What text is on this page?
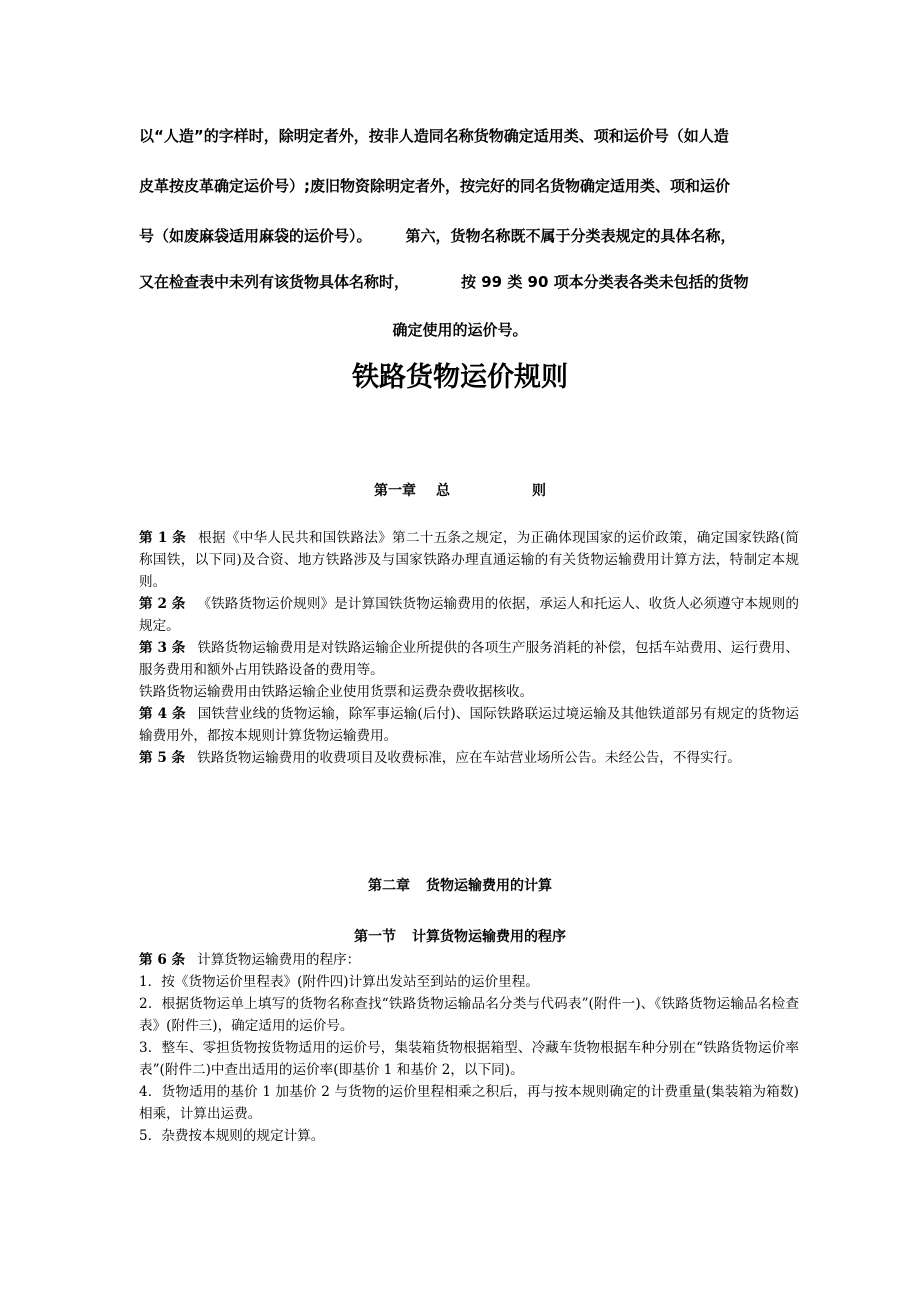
以“人造”的字样时，除明定者外，按非人造同名称货物确定适用类、项和运价号（如人造
皮革按皮革确定运价号）;废旧物资除明定者外，按完好的同名货物确定适用类、项和运价
号（如废麻袋适用麻袋的运价号）。 第六，货物名称既不属于分类表规定的具体名称，
又在检查表中未列有该货物具体名称时，	按 99 类 90 项本分类表各类未包括的货物
确定使用的运价号。
铁路货物运价规则
第一章 总	则

第 1 条 根据《中华人民共和国铁路法》第二十五条之规定，为正确体现国家的运价政策，确定国家铁路(简称国铁，以下同)及合资、地方铁路涉及与国家铁路办理直通运输的有关货物运输费用计算方法，特制定本规则。

第 2 条 《铁路货物运价规则》是计算国铁货物运输费用的依据，承运人和托运人、收货人必须遵守本规则的规定。

第 3 条 铁路货物运输费用是对铁路运输企业所提供的各项生产服务消耗的补偿，包括车站费用、运行费用、服务费用和额外占用铁路设备的费用等。

铁路货物运输费用由铁路运输企业使用货票和运费杂费收据核收。

第 4 条 国铁营业线的货物运输，除军事运输(后付)、国际铁路联运过境运输及其他铁道部另有规定的货物运输费用外，都按本规则计算货物运输费用。

第 5 条 铁路货物运输费用的收费项目及收费标准，应在车站营业场所公告。未经公告，不得实行。

第二章 货物运输费用的计算
第一节 计算货物运输费用的程序

第 6 条 计算货物运输费用的程序：

1．按《货物运价里程表》(附件四)计算出发站至到站的运价里程。

2．根据货物运单上填写的货物名称查找“铁路货物运输品名分类与代码表”(附件一)、《铁路货物运输品名检查表》(附件三)，确定适用的运价号。

3．整车、零担货物按货物适用的运价号，集装箱货物根据箱型、冷藏车货物根据车种分别在“铁路货物运价率表”(附件二)中查出适用的运价率(即基价 1 和基价 2，以下同)。

4．货物适用的基价 1 加基价 2 与货物的运价里程相乘之积后，再与按本规则确定的计费重量(集装箱为箱数)相乘，计算出运费。

5．杂费按本规则的规定计算。
